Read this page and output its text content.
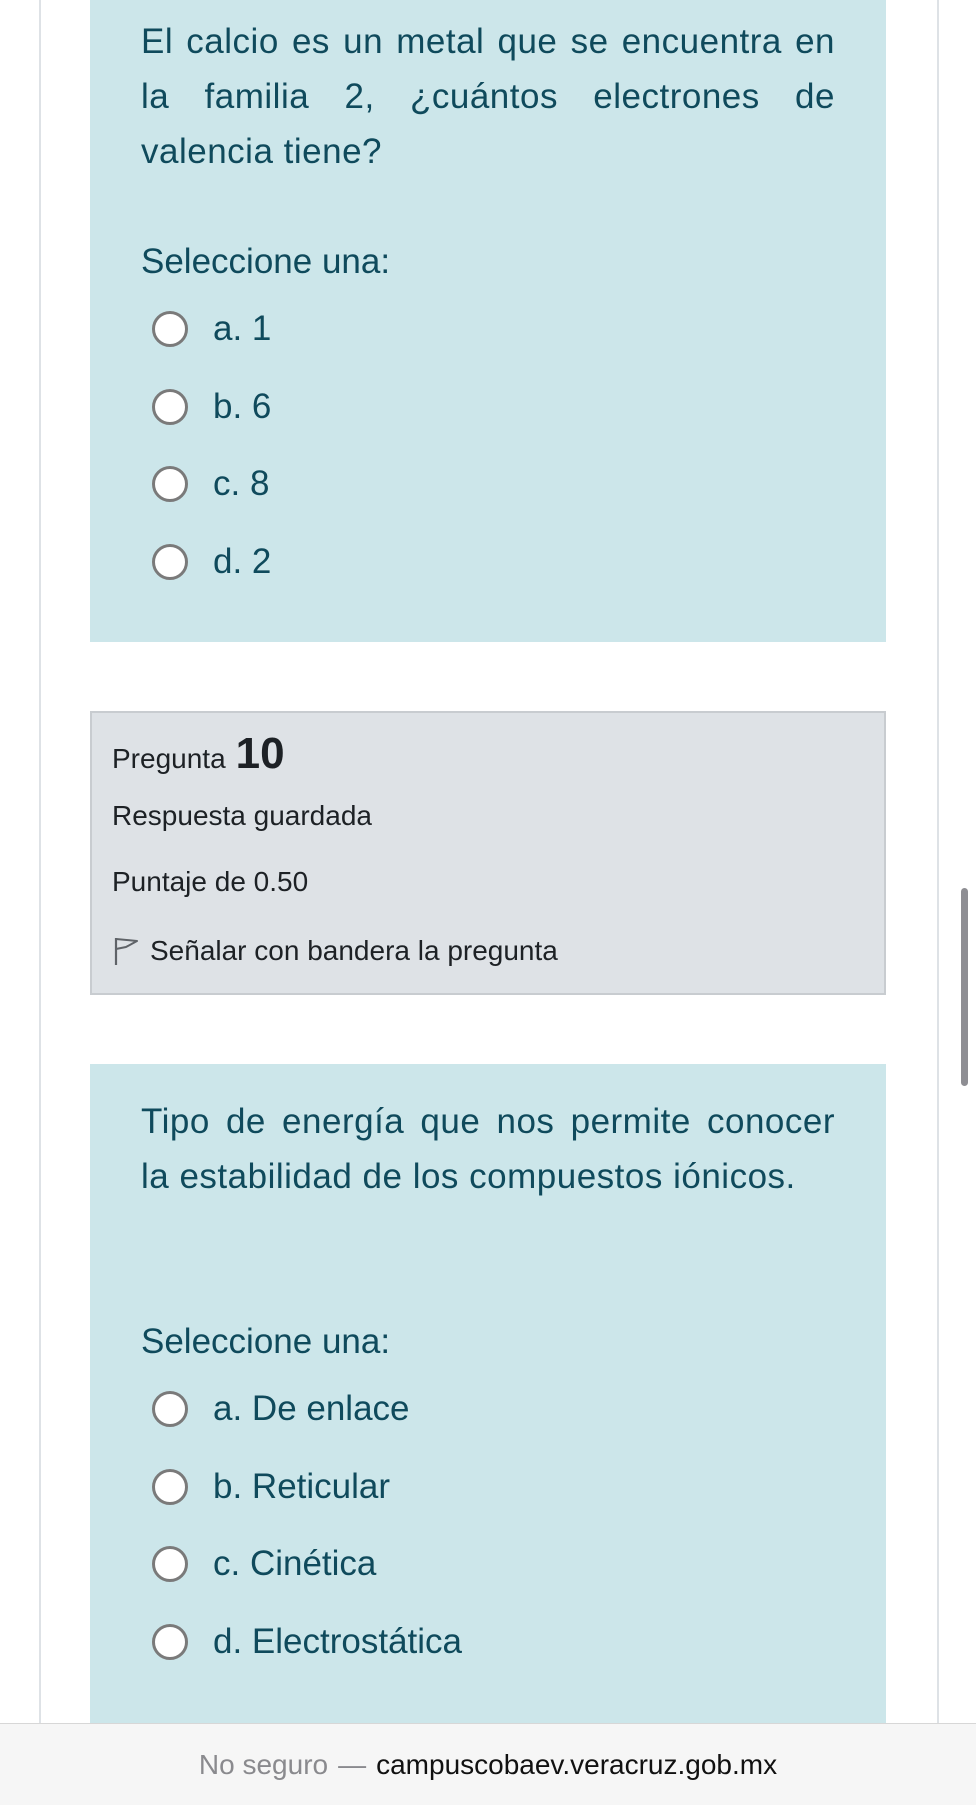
El calcio es un metal que se encuentra en la familia 2, ¿cuántos electrones de valencia tiene?
Seleccione una:
a. 1
b. 6
c. 8
d. 2
Pregunta 10
Respuesta guardada
Puntaje de 0.50
Señalar con bandera la pregunta
Tipo de energía que nos permite conocer la estabilidad de los compuestos iónicos.
Seleccione una:
a. De enlace
b. Reticular
c. Cinética
d. Electrostática
No seguro — campuscobaev.veracruz.gob.mx
